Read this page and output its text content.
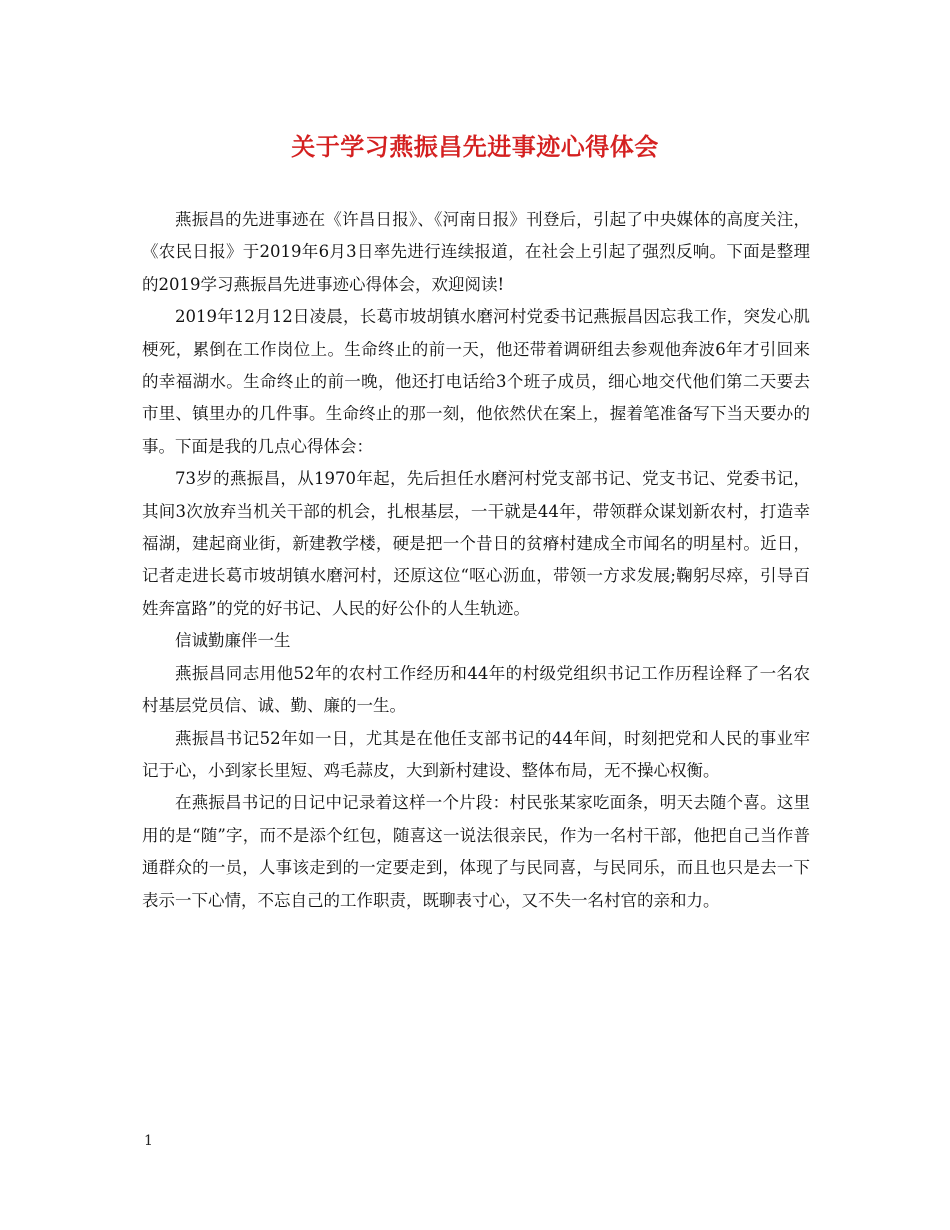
关于学习燕振昌先进事迹心得体会

燕振昌的先进事迹在《许昌日报》、《河南日报》刊登后，引起了中央媒体的高度关注，《农民日报》于2019年6月3日率先进行连续报道，在社会上引起了强烈反响。下面是整理的2019学习燕振昌先进事迹心得体会，欢迎阅读!

2019年12月12日凌晨，长葛市坡胡镇水磨河村党委书记燕振昌因忘我工作，突发心肌梗死，累倒在工作岗位上。生命终止的前一天，他还带着调研组去参观他奔波6年才引回来的幸福湖水。生命终止的前一晚，他还打电话给3个班子成员，细心地交代他们第二天要去市里、镇里办的几件事。生命终止的那一刻，他依然伏在案上，握着笔准备写下当天要办的事。下面是我的几点心得体会：

73岁的燕振昌，从1970年起，先后担任水磨河村党支部书记、党支书记、党委书记，其间3次放弃当机关干部的机会，扎根基层，一干就是44年，带领群众谋划新农村，打造幸福湖，建起商业街，新建教学楼，硬是把一个昔日的贫瘠村建成全市闻名的明星村。近日，记者走进长葛市坡胡镇水磨河村，还原这位“呕心沥血，带领一方求发展;鞠躬尽瘁，引导百姓奔富路”的党的好书记、人民的好公仆的人生轨迹。

信诚勤廉伴一生

燕振昌同志用他52年的农村工作经历和44年的村级党组织书记工作历程诠释了一名农村基层党员信、诚、勤、廉的一生。

燕振昌书记52年如一日，尤其是在他任支部书记的44年间，时刻把党和人民的事业牢记于心，小到家长里短、鸡毛蒜皮，大到新村建设、整体布局，无不操心权衡。

在燕振昌书记的日记中记录着这样一个片段：村民张某家吃面条，明天去随个喜。这里用的是“随”字，而不是添个红包，随喜这一说法很亲民，作为一名村干部，他把自己当作普通群众的一员，人事该走到的一定要走到，体现了与民同喜，与民同乐，而且也只是去一下表示一下心情，不忘自己的工作职责，既聊表寸心，又不失一名村官的亲和力。

1
